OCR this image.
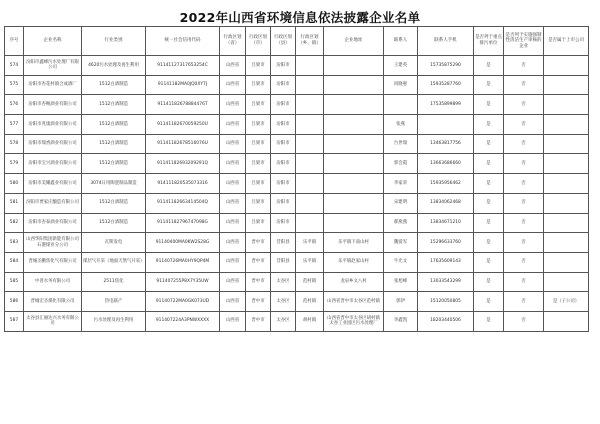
2022年山西省环境信息依法披露企业名单
序号	企业名称	行业类别	统一社会信用代码	行政区划（省）	行政区划（市）	行政区划（县）	行政区划（乡、镇）	企业地址	联系人	联系人手机	是否列于重点排污单位	是否列于实施强制性清洁生产审核的企业	是否属于上市公司
574	汾阳市鑫峰污水处理厂有限公司	4620污水处理及再生利用	91141127317653254C	山西省	吕梁市	汾阳市			王建英	15735875290	是	否	
575	汾阳市杏花村镇合成酒厂	1512白酒制造	91141182MA0JQ0XY7J	山西省	吕梁市	汾阳市			同晓惠	15935287760	是	否	
576	汾阳市杏畅酒业有限公司	1512白酒制造	91141182678884476T	山西省	吕梁市	汾阳市				17535899899	是	否	
577	汾阳市兆康酒业有限公司	1512白酒制造	91141182670059250U	山西省	吕梁市	汾阳市			张燕		是	否	
578	汾阳市瑞香酒业有限公司	1512白酒制造	91141182678516076U	山西省	吕梁市	汾阳市			台世瑞	13463817756	是	否	
579	汾阳市宝兴酒业有限公司	1512白酒制造	91141182693209291Q	山西省	吕梁市	汾阳市			郭会霞	13663686660	是	否	
580	汾阳市美耀鑫业有限公司	3074日用陶瓷制品制造	914111820535073316	山西省	吕梁市	汾阳市			李家荣	15935956462	是	否	
581	汾阳市贾家庄酿造有限公司	1512白酒制造	91141182663414504Q	山西省	吕梁市	汾阳市			宋建明	13834062468	是	否	
582	汾阳市杏泰酒业有限公司	1512白酒制造	91141182796747098G	山西省	吕梁市	汾阳市			郝燕燕	13834671210	是	否	
583	山西华阳集团新能有限公司石港煤业分公司	瓦斯发电	91140400MA0KW2S28G	山西省	晋中市	昔阳县	乐平镇	乐平镇下南山村	魏爱军	15296633760	是	否	
584	晋城圣鹏焦化气有限公司	煤层气开采（地面天然气开采）	91140726MA0HY9QP4M	山西省	晋中市	昔阳县	乐平镇	乐平镇赵家山村	牛光文	17635609143	是	否	
585	中普水务有限公司	2511焦化	911407255P8X7Y35UW	山西省	晋中市	太谷区	范村镇	龙泉乡文八村	张旭峰	13033543299	是	否	
586	晋城宏圣煤化有限公司	热电联产	91140722MA0GK073UD	山西省	晋中市	太谷区	范村镇	山西省晋中市太谷区范村镇	郭伊	15120050805	是	否	是（子公司）
587	太谷县汇丽达兴水务有限公司	污水处理及再生利用	911407224A3PNWXXXX	山西省	晋中市	太谷区	胡村镇	山西省晋中市太谷区胡村镇太谷工业园区污水处理厂	李鑫凯	18203440506	是	否	
